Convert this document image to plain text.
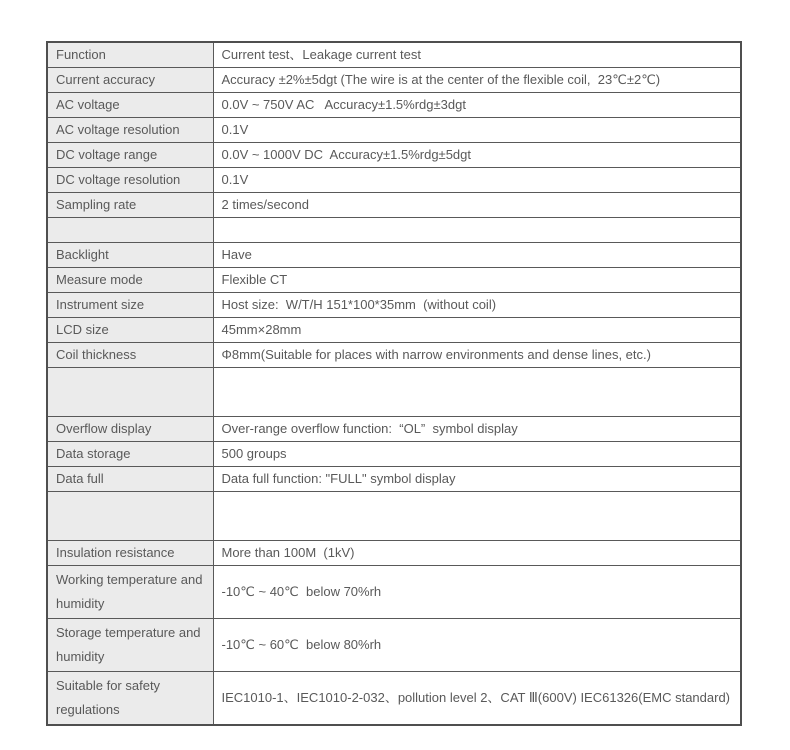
Function	Current test、Leakage current test
Current accuracy	Accuracy ±2%±5dgt (The wire is at the center of the flexible coil,  23℃±2℃)
AC voltage	0.0V ~ 750V AC   Accuracy±1.5%rdg±3dgt
AC voltage resolution	0.1V
DC voltage range	0.0V ~ 1000V DC  Accuracy±1.5%rdg±5dgt
DC voltage resolution	0.1V
Sampling rate	2 times/second

Backlight	Have
Measure mode	Flexible CT
Instrument size	Host size:  W/T/H 151*100*35mm  (without coil)
LCD size	45mm×28mm
Coil thickness	Φ8mm(Suitable for places with narrow environments and dense lines, etc.)

Overflow display	Over-range overflow function:  “OL”  symbol display
Data storage	500 groups
Data full	Data full function: "FULL" symbol display

Insulation resistance	More than 100M  (1kV)
Working temperature and humidity	-10℃ ~ 40℃  below 70%rh
Storage temperature and humidity	-10℃ ~ 60℃  below 80%rh
Suitable for safety regulations	IEC1010-1、IEC1010-2-032、pollution level 2、CAT Ⅲ(600V) IEC61326(EMC standard)
